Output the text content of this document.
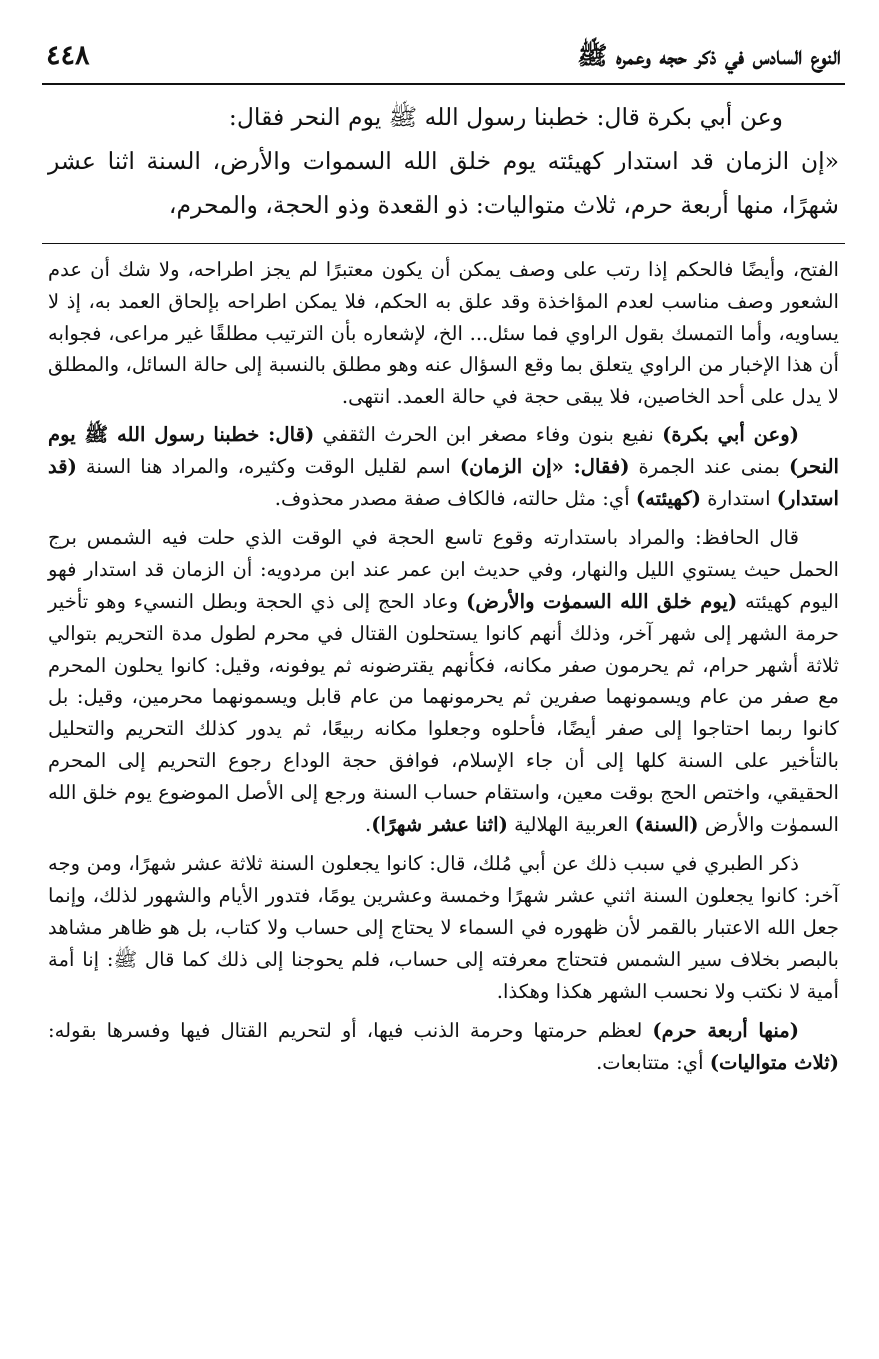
النوع السادس في ذكر حجه وعمره ﷺ
٤٤٨

وعن أبي بكرة قال: خطبنا رسول الله ﷺ يوم النحر فقال:

«إن الزمان قد استدار كهيئته يوم خلق الله السموات والأرض، السنة اثنا عشر شهرًا، منها أربعة حرم، ثلاث متواليات: ذو القعدة وذو الحجة، والمحرم،

الفتح، وأيضًا فالحكم إذا رتب على وصف يمكن أن يكون معتبرًا لم يجز اطراحه، ولا شك أن عدم الشعور وصف مناسب لعدم المؤاخذة وقد علق به الحكم، فلا يمكن اطراحه بإلحاق العمد به، إذ لا يساويه، وأما التمسك بقول الراوي فما سئل... الخ، لإشعاره بأن الترتيب مطلقًا غير مراعى، فجوابه أن هذا الإخبار من الراوي يتعلق بما وقع السؤال عنه وهو مطلق بالنسبة إلى حالة السائل، والمطلق لا يدل على أحد الخاصين، فلا يبقى حجة في حالة العمد. انتهى.

(وعن أبي بكرة) نفيع بنون وفاء مصغر ابن الحرث الثقفي (قال: خطبنا رسول الله ﷺ يوم النحر) بمنى عند الجمرة (فقال: «إن الزمان) اسم لقليل الوقت وكثيره، والمراد هنا السنة (قد استدار) استدارة (كهيئته) أي: مثل حالته، فالكاف صفة مصدر محذوف.

قال الحافظ: والمراد باستدارته وقوع تاسع الحجة في الوقت الذي حلت فيه الشمس برج الحمل حيث يستوي الليل والنهار، وفي حديث ابن عمر عند ابن مردويه: أن الزمان قد استدار فهو اليوم كهيئته (يوم خلق الله السموٰت والأرض) وعاد الحج إلى ذي الحجة وبطل النسيء وهو تأخير حرمة الشهر إلى شهر آخر، وذلك أنهم كانوا يستحلون القتال في محرم لطول مدة التحريم بتوالي ثلاثة أشهر حرام، ثم يحرمون صفر مكانه، فكأنهم يقترضونه ثم يوفونه، وقيل: كانوا يحلون المحرم مع صفر من عام ويسمونهما صفرين ثم يحرمونهما من عام قابل ويسمونهما محرمين، وقيل: بل كانوا ربما احتاجوا إلى صفر أيضًا، فأحلوه وجعلوا مكانه ربيعًا، ثم يدور كذلك التحريم والتحليل بالتأخير على السنة كلها إلى أن جاء الإسلام، فوافق حجة الوداع رجوع التحريم إلى المحرم الحقيقي، واختص الحج بوقت معين، واستقام حساب السنة ورجع إلى الأصل الموضوع يوم خلق الله السموٰت والأرض (السنة) العربية الهلالية (اثنا عشر شهرًا).

ذكر الطبري في سبب ذلك عن أبي مُلك، قال: كانوا يجعلون السنة ثلاثة عشر شهرًا، ومن وجه آخر: كانوا يجعلون السنة اثني عشر شهرًا وخمسة وعشرين يومًا، فتدور الأيام والشهور لذلك، وإنما جعل الله الاعتبار بالقمر لأن ظهوره في السماء لا يحتاج إلى حساب ولا كتاب، بل هو ظاهر مشاهد بالبصر بخلاف سير الشمس فتحتاج معرفته إلى حساب، فلم يحوجنا إلى ذلك كما قال ﷺ: إنا أمة أمية لا نكتب ولا نحسب الشهر هكذا وهكذا.

(منها أربعة حرم) لعظم حرمتها وحرمة الذنب فيها، أو لتحريم القتال فيها وفسرها بقوله: (ثلاث متواليات) أي: متتابعات.
